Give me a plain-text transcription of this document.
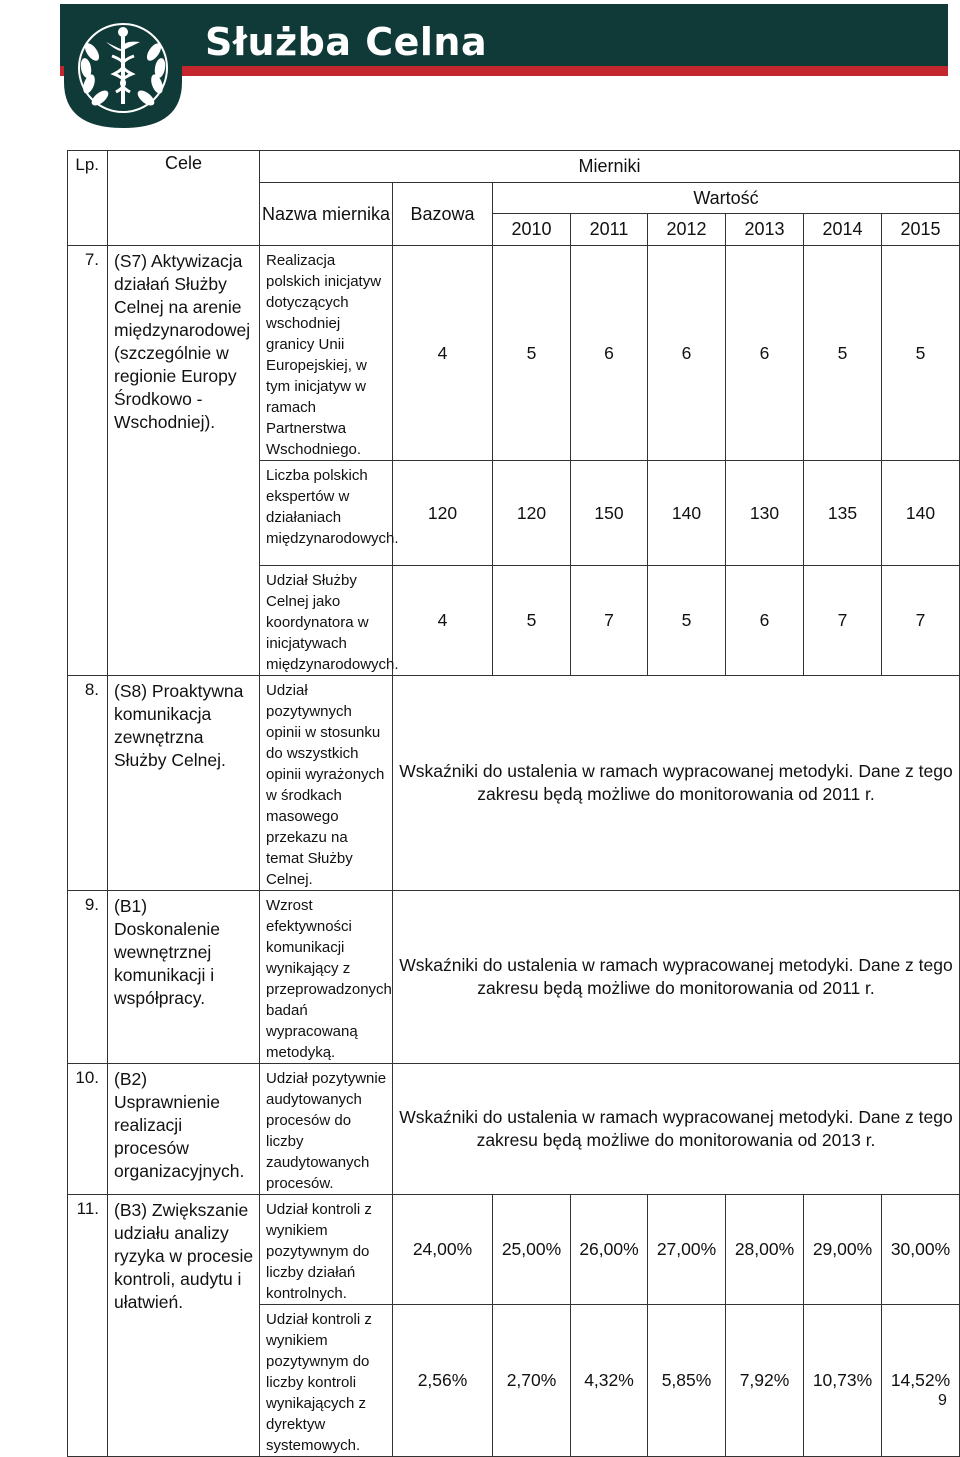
Służba Celna
Lp.	Cele	Mierniki							
		Nazwa miernika	Bazowa	Wartość					
				2010	2011	2012	2013	2014	2015
7.	(S7) Aktywizacja działań Służby Celnej na arenie międzynarodowej (szczególnie w regionie Europy Środkowo - Wschodniej).	Realizacja polskich inicjatyw dotyczących wschodniej granicy Unii Europejskiej, w tym inicjatyw w ramach Partnerstwa Wschodniego.	4	5	6	6	6	5	5
		Liczba polskich ekspertów w działaniach międzynarodowych.	120	120	150	140	130	135	140
		Udział Służby Celnej jako koordynatora w inicjatywach międzynarodowych.	4	5	7	5	6	7	7
8.	(S8) Proaktywna komunikacja zewnętrzna Służby Celnej.	Udział pozytywnych opinii w stosunku do wszystkich opinii wyrażonych w środkach masowego przekazu na temat Służby Celnej.	Wskaźniki do ustalenia w ramach wypracowanej metodyki. Dane z tego zakresu będą możliwe do monitorowania od 2011 r.						
9.	(B1) Doskonalenie wewnętrznej komunikacji i współpracy.	Wzrost efektywności komunikacji wynikający z przeprowadzonych badań wypracowaną metodyką.	Wskaźniki do ustalenia w ramach wypracowanej metodyki. Dane z tego zakresu będą możliwe do monitorowania od 2011 r.						
10.	(B2) Usprawnienie realizacji procesów organizacyjnych.	Udział pozytywnie audytowanych procesów do liczby zaudytowanych procesów.	Wskaźniki do ustalenia w ramach wypracowanej metodyki. Dane z tego zakresu będą możliwe do monitorowania od 2013 r.						
11.	(B3) Zwiększanie udziału analizy ryzyka w procesie kontroli, audytu i ułatwień.	Udział kontroli z wynikiem pozytywnym do liczby działań kontrolnych.	24,00%	25,00%	26,00%	27,00%	28,00%	29,00%	30,00%
		Udział kontroli z wynikiem pozytywnym do liczby kontroli wynikających z dyrektyw systemowych.	2,56%	2,70%	4,32%	5,85%	7,92%	10,73%	14,52%
9
